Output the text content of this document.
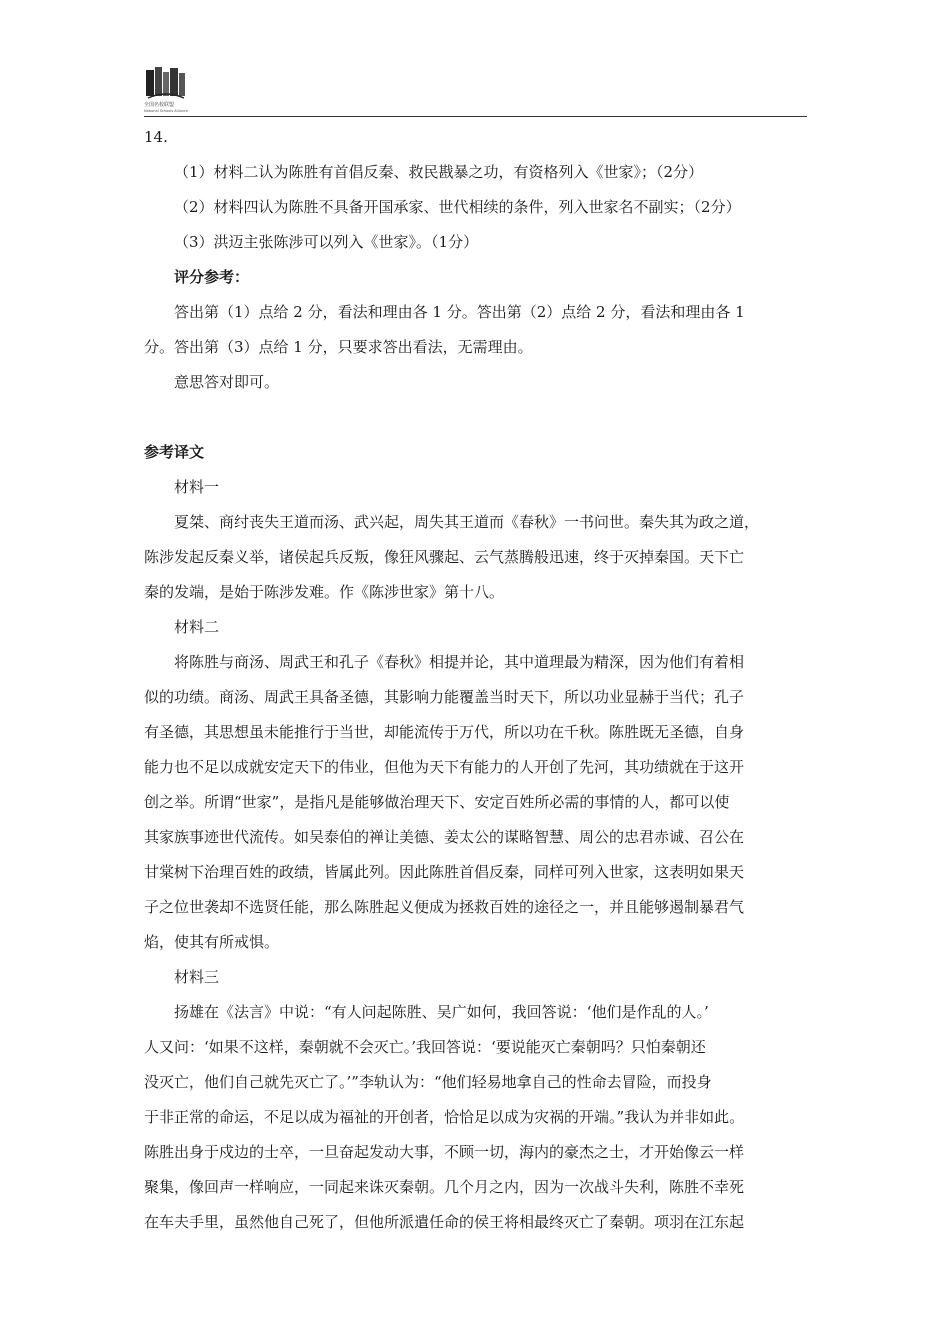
全国名校联盟
National Schools Alliance

14.

（1）材料二认为陈胜有首倡反秦、救民戡暴之功，有资格列入《世家》；（2分）

（2）材料四认为陈胜不具备开国承家、世代相续的条件，列入世家名不副实；（2分）

（3）洪迈主张陈涉可以列入《世家》。（1分）

评分参考：

答出第（1）点给 2 分，看法和理由各 1 分。答出第（2）点给 2 分，看法和理由各 1

分。答出第（3）点给 1 分，只要求答出看法，无需理由。

意思答对即可。

参考译文

材料一

夏桀、商纣丧失王道而汤、武兴起，周失其王道而《春秋》一书问世。秦失其为政之道，

陈涉发起反秦义举，诸侯起兵反叛，像狂风骤起、云气蒸腾般迅速，终于灭掉秦国。天下亡

秦的发端，是始于陈涉发难。作《陈涉世家》第十八。

材料二

将陈胜与商汤、周武王和孔子《春秋》相提并论，其中道理最为精深，因为他们有着相

似的功绩。商汤、周武王具备圣德，其影响力能覆盖当时天下，所以功业显赫于当代；孔子

有圣德，其思想虽未能推行于当世，却能流传于万代，所以功在千秋。陈胜既无圣德，自身

能力也不足以成就安定天下的伟业，但他为天下有能力的人开创了先河，其功绩就在于这开

创之举。所谓“世家”，是指凡是能够做治理天下、安定百姓所必需的事情的人，都可以使

其家族事迹世代流传。如吴泰伯的禅让美德、姜太公的谋略智慧、周公的忠君赤诚、召公在

甘棠树下治理百姓的政绩，皆属此列。因此陈胜首倡反秦，同样可列入世家，这表明如果天

子之位世袭却不选贤任能，那么陈胜起义便成为拯救百姓的途径之一，并且能够遏制暴君气

焰，使其有所戒惧。

材料三

扬雄在《法言》中说：“有人问起陈胜、吴广如何，我回答说：‘他们是作乱的人。’

人又问：‘如果不这样，秦朝就不会灭亡。’我回答说：‘要说能灭亡秦朝吗？只怕秦朝还

没灭亡，他们自己就先灭亡了。’”李轨认为：“他们轻易地拿自己的性命去冒险，而投身

于非正常的命运，不足以成为福祉的开创者，恰恰足以成为灾祸的开端。”我认为并非如此。

陈胜出身于戍边的士卒，一旦奋起发动大事，不顾一切，海内的豪杰之士，才开始像云一样

聚集，像回声一样响应，一同起来诛灭秦朝。几个月之内，因为一次战斗失利，陈胜不幸死

在车夫手里，虽然他自己死了，但他所派遣任命的侯王将相最终灭亡了秦朝。项羽在江东起
